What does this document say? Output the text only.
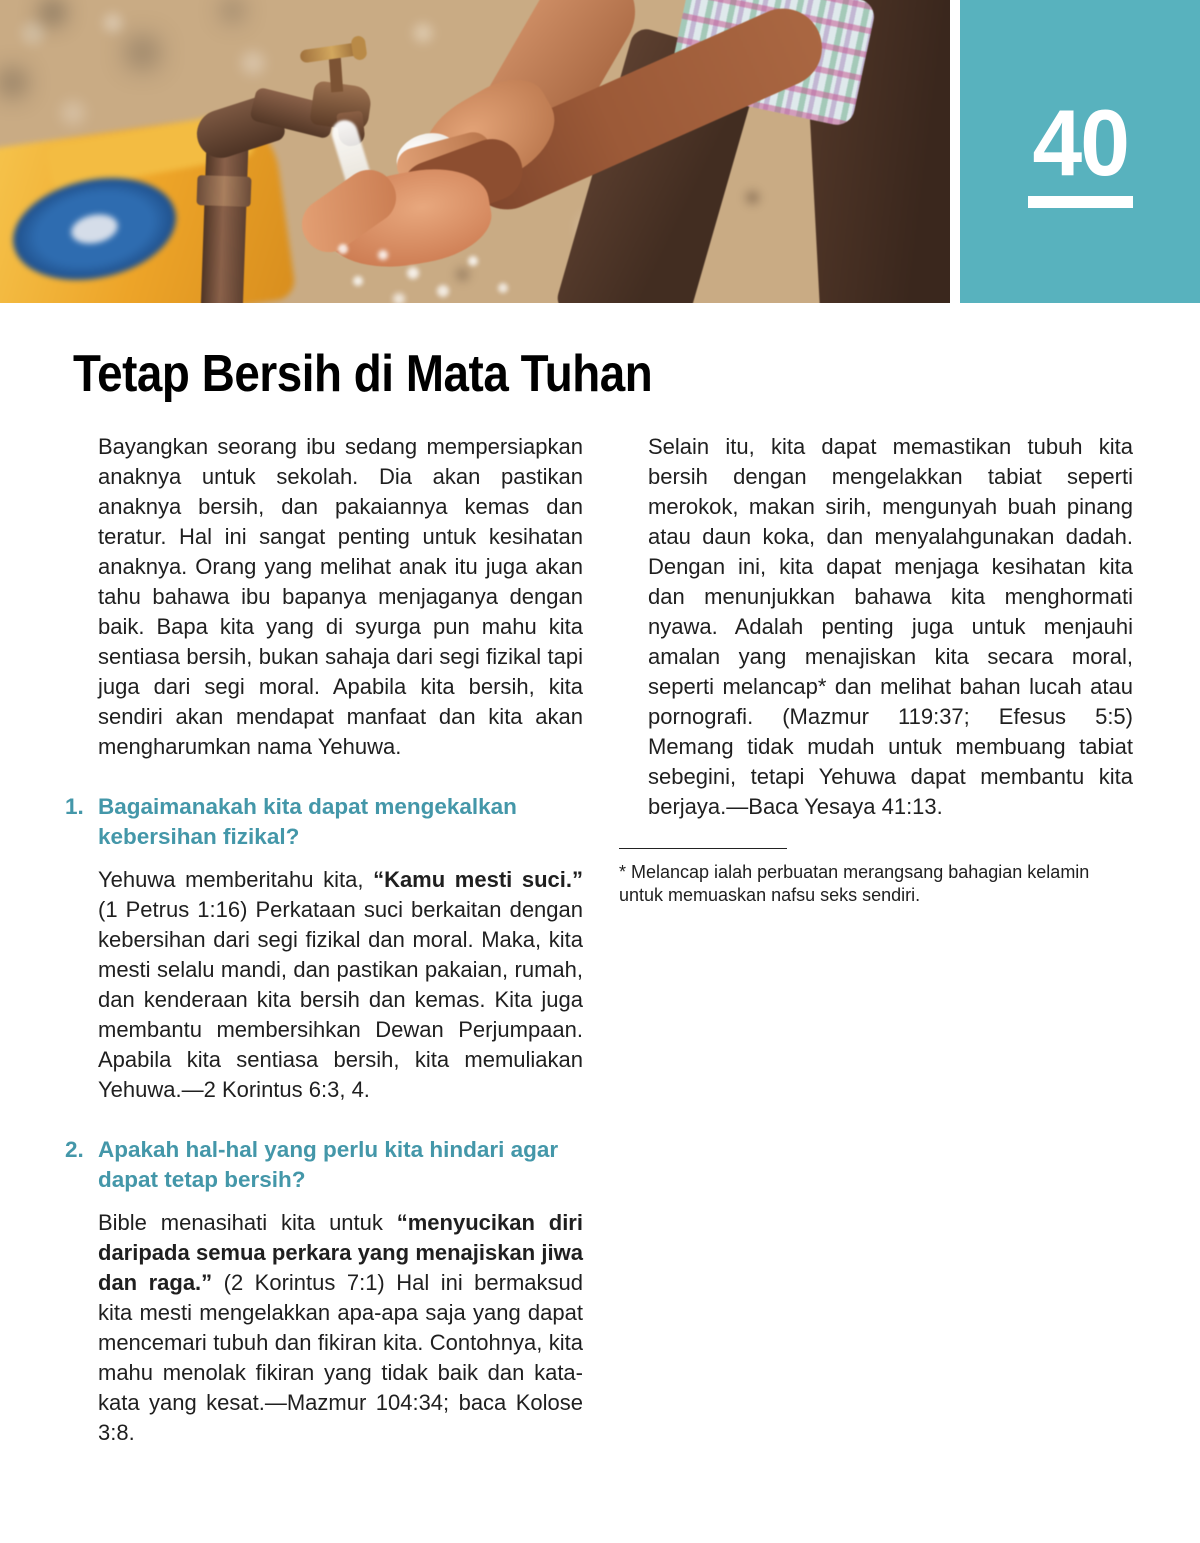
40
Tetap Bersih di Mata Tuhan

Bayangkan seorang ibu sedang mempersiapkan anaknya untuk sekolah. Dia akan pastikan anaknya bersih, dan pakaiannya kemas dan teratur. Hal ini sangat penting untuk kesihatan anaknya. Orang yang melihat anak itu juga akan tahu bahawa ibu bapanya menjaganya dengan baik. Bapa kita yang di syurga pun mahu kita sentiasa bersih, bukan sahaja dari segi fizikal tapi juga dari segi moral. Apabila kita bersih, kita sendiri akan mendapat manfaat dan kita akan mengharumkan nama Yehuwa.

1. Bagaimanakah kita dapat mengekalkan kebersihan fizikal?

Yehuwa memberitahu kita, “Kamu mesti suci.” (1 Petrus 1:16) Perkataan suci berkaitan dengan kebersihan dari segi fizikal dan moral. Maka, kita mesti selalu mandi, dan pastikan pakaian, rumah, dan kenderaan kita bersih dan kemas. Kita juga membantu membersihkan Dewan Perjumpaan. Apabila kita sentiasa bersih, kita memuliakan Yehuwa.—2 Korintus 6:3, 4.

2. Apakah hal-hal yang perlu kita hindari agar dapat tetap bersih?

Bible menasihati kita untuk “menyucikan diri daripada semua perkara yang menajiskan jiwa dan raga.” (2 Korintus 7:1) Hal ini bermaksud kita mesti mengelakkan apa-apa saja yang dapat mencemari tubuh dan fikiran kita. Contohnya, kita mahu menolak fikiran yang tidak baik dan kata-kata yang kesat.—Mazmur 104:34; baca Kolose 3:8.

Selain itu, kita dapat memastikan tubuh kita bersih dengan mengelakkan tabiat seperti merokok, makan sirih, mengunyah buah pinang atau daun koka, dan menyalahgunakan dadah. Dengan ini, kita dapat menjaga kesihatan kita dan menunjukkan bahawa kita menghormati nyawa. Adalah penting juga untuk menjauhi amalan yang menajiskan kita secara moral, seperti melancap* dan melihat bahan lucah atau pornografi. (Mazmur 119:37; Efesus 5:5) Memang tidak mudah untuk membuang tabiat sebegini, tetapi Yehuwa dapat membantu kita berjaya.—Baca Yesaya 41:13.

* Melancap ialah perbuatan merangsang bahagian kelamin untuk memuaskan nafsu seks sendiri.
